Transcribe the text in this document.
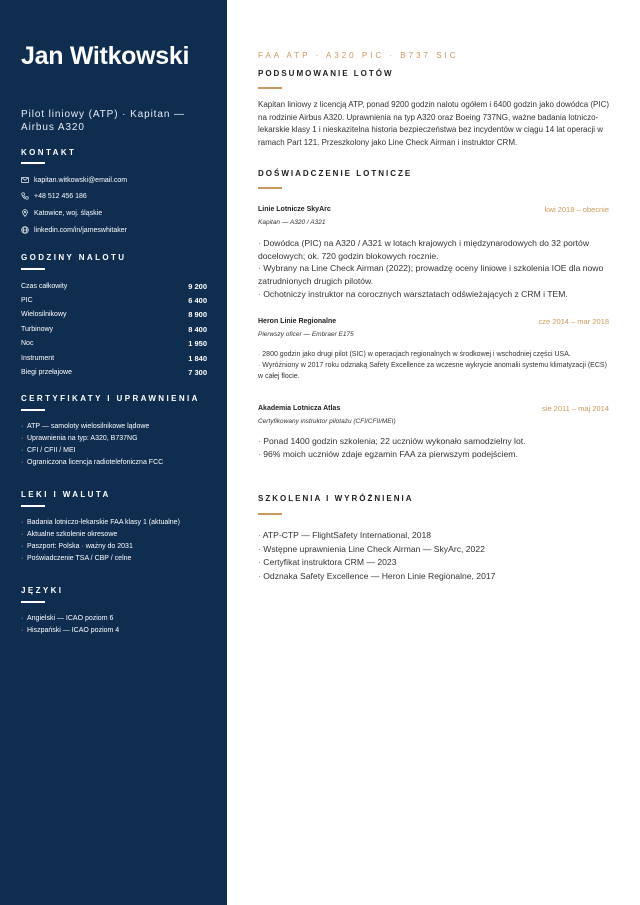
Jan Witkowski
Pilot liniowy (ATP) · Kapitan — Airbus A320
KONTAKT
kapitan.witkowski@email.com
+48 512 456 186
Katowice, woj. śląskie
linkedin.com/in/jameswhitaker
GODZINY NALOTU
Czas całkowity	9 200
PIC	6 400
Wielosilnikowy	8 900
Turbinowy	8 400
Noc	1 950
Instrument	1 840
Biegi przełajowe	7 300
CERTYFIKATY I UPRAWNIENIA
· ATP — samoloty wielosilnikowe lądowe
· Uprawnienia na typ: A320, B737NG
· CFI / CFII / MEI
· Ograniczona licencja radiotelefoniczna FCC
LEKI I WALUTA
· Badania lotniczo-lekarskie FAA klasy 1 (aktualne)
· Aktualne szkolenie okresowe
· Paszport: Polska · ważny do 2031
· Poświadczenie TSA / CBP / celne
JĘZYKI
· Angielski — ICAO poziom 6
· Hiszpański — ICAO poziom 4
FAA ATP · A320 PIC · B737 SIC
PODSUMOWANIE LOTÓW

Kapitan liniowy z licencją ATP, ponad 9200 godzin nalotu ogółem i 6400 godzin jako dowódca (PIC) na rodzinie Airbus A320. Uprawnienia na typ A320 oraz Boeing 737NG, ważne badania lotniczo-lekarskie klasy 1 i nieskazitelna historia bezpieczeństwa bez incydentów w ciągu 14 lat operacji w ramach Part 121. Przeszkolony jako Line Check Airman i instruktor CRM.

DOŚWIADCZENIE LOTNICZE
Linie Lotnicze SkyArc	kwi 2018 – obecnie
Kapitan — A320 / A321
· Dowódca (PIC) na A320 / A321 w lotach krajowych i międzynarodowych do 32 portów docelowych; ok. 720 godzin blokowych rocznie.
· Wybrany na Line Check Airman (2022); prowadzę oceny liniowe i szkolenia IOE dla nowo zatrudnionych drugich pilotów.
· Ochotniczy instruktor na corocznych warsztatach odświeżających z CRM i TEM.
Heron Linie Regionalne	cze 2014 – mar 2018
Pierwszy oficer — Embraer E175
· 2800 godzin jako drugi pilot (SIC) w operacjach regionalnych w środkowej i wschodniej części USA.
· Wyróżniony w 2017 roku odznaką Safety Excellence za wczesne wykrycie anomalii systemu klimatyzacji (ECS) w całej flocie.
Akademia Lotnicza Atlas	sie 2011 – maj 2014
Certyfikowany instruktor pilotażu (CFI/CFII/MEI)
· Ponad 1400 godzin szkolenia; 22 uczniów wykonało samodzielny lot.
· 96% moich uczniów zdaje egzamin FAA za pierwszym podejściem.
SZKOLENIA I WYRÓŻNIENIA
· ATP-CTP — FlightSafety International, 2018
· Wstępne uprawnienia Line Check Airman — SkyArc, 2022
· Certyfikat instruktora CRM — 2023
· Odznaka Safety Excellence — Heron Linie Regionalne, 2017
